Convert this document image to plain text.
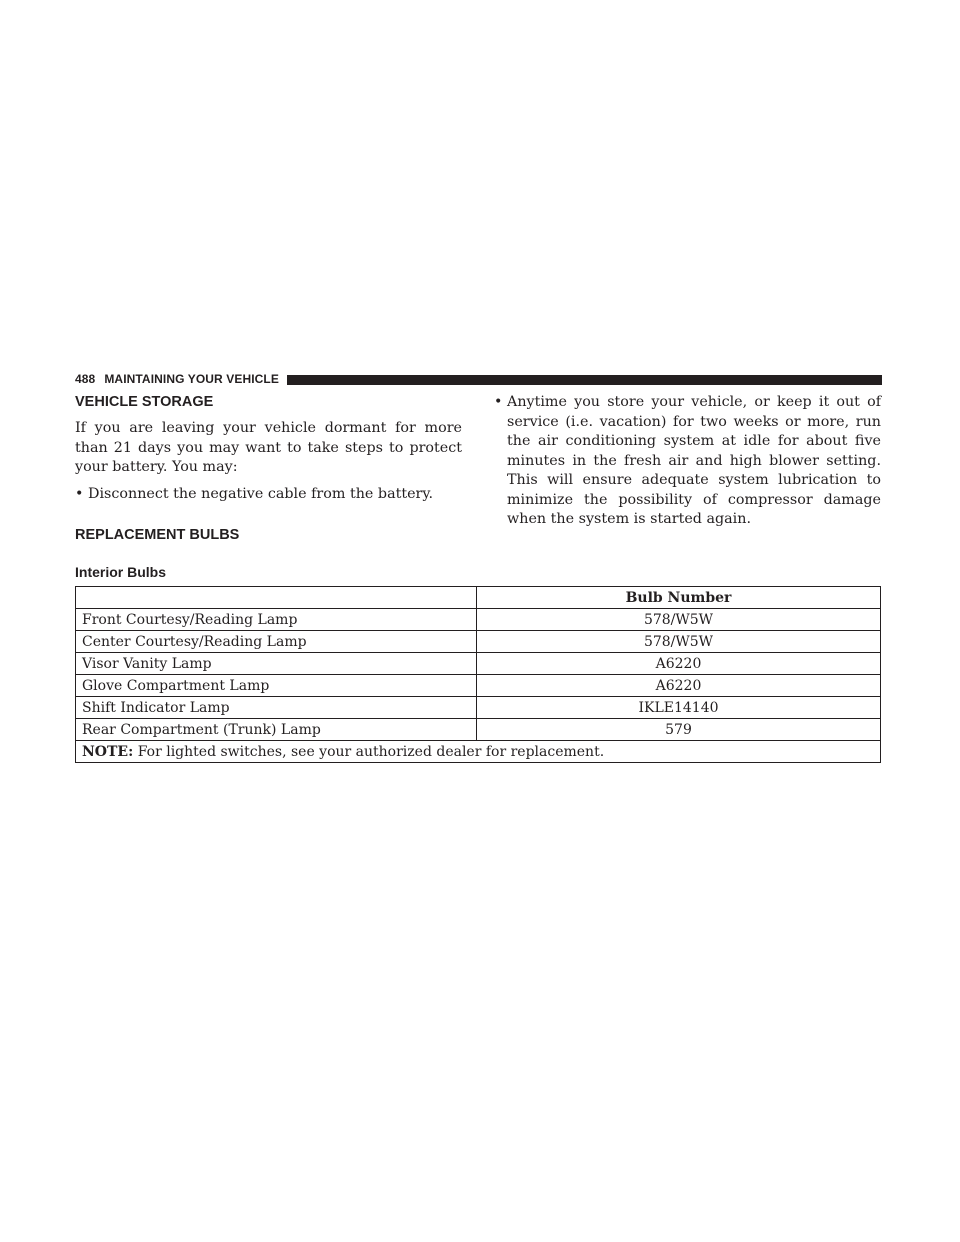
488 MAINTAINING YOUR VEHICLE
VEHICLE STORAGE

If you are leaving your vehicle dormant for more than 21 days you may want to take steps to protect your battery. You may:

• Disconnect the negative cable from the battery.
• Anytime you store your vehicle, or keep it out of service (i.e. vacation) for two weeks or more, run the air conditioning system at idle for about five minutes in the fresh air and high blower setting. This will ensure adequate system lubrication to minimize the possibility of compressor damage when the system is started again.
REPLACEMENT BULBS
Interior Bulbs
	Bulb Number
Front Courtesy/Reading Lamp	578/W5W
Center Courtesy/Reading Lamp	578/W5W
Visor Vanity Lamp	A6220
Glove Compartment Lamp	A6220
Shift Indicator Lamp	IKLE14140
Rear Compartment (Trunk) Lamp	579
NOTE: For lighted switches, see your authorized dealer for replacement.	
